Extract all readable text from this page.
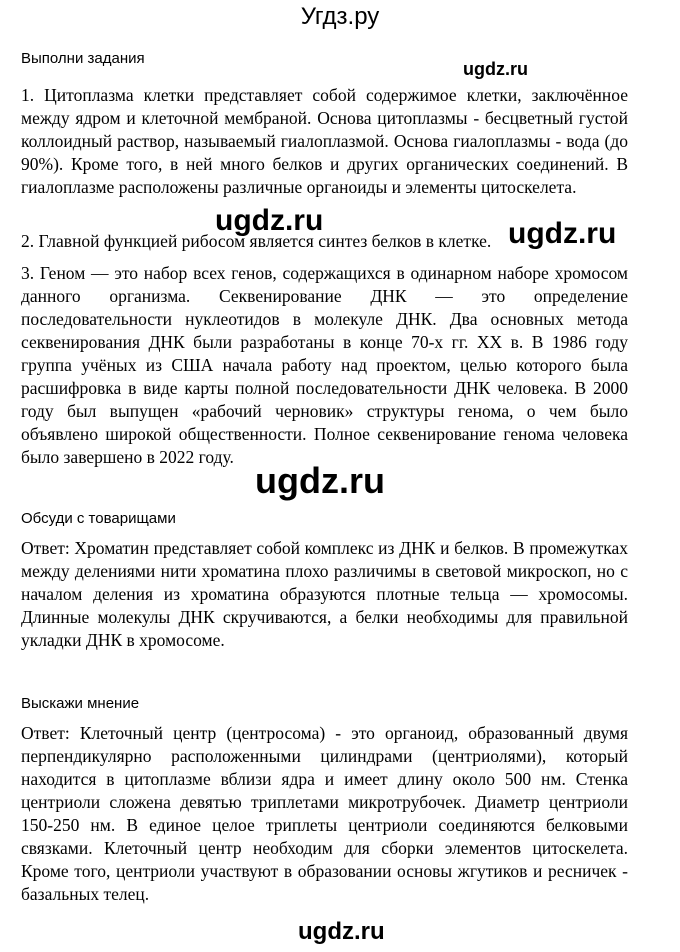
Угдз.ру
Выполни задания
ugdz.ru

1. Цитоплазма клетки представляет собой содержимое клетки, заключённое между ядром и клеточной мембраной. Основа цитоплазмы - бесцветный густой коллоидный раствор, называемый гиалоплазмой. Основа гиалоплазмы - вода (до 90%). Кроме того, в ней много белков и других органических соединений. В гиалоплазме расположены различные органоиды и элементы цитоскелета.

ugdz.ru

2. Главной функцией рибосом является синтез белков в клетке. ugdz.ru

3. Геном — это набор всех генов, содержащихся в одинарном наборе хромосом данного организма. Секвенирование ДНК — это определение последовательности нуклеотидов в молекуле ДНК. Два основных метода секвенирования ДНК были разработаны в конце 70-х гг. XX в. В 1986 году группа учёных из США начала работу над проектом, целью которого была расшифровка в виде карты полной последовательности ДНК человека. В 2000 году был выпущен «рабочий черновик» структуры генома, о чем было объявлено широкой общественности. Полное секвенирование генома человека было завершено в 2022 году.

ugdz.ru
Обсуди с товарищами

Ответ: Хроматин представляет собой комплекс из ДНК и белков. В промежутках между делениями нити хроматина плохо различимы в световой микроскоп, но с началом деления из хроматина образуются плотные тельца — хромосомы. Длинные молекулы ДНК скручиваются, а белки необходимы для правильной укладки ДНК в хромосоме.

Выскажи мнение

Ответ: Клеточный центр (центросома) - это органоид, образованный двумя перпендикулярно расположенными цилиндрами (центриолями), который находится в цитоплазме вблизи ядра и имеет длину около 500 нм. Стенка центриоли сложена девятью триплетами микротрубочек. Диаметр центриоли 150-250 нм. В единое целое триплеты центриоли соединяются белковыми связками. Клеточный центр необходим для сборки элементов цитоскелета. Кроме того, центриоли участвуют в образовании основы жгутиков и ресничек - базальных телец.

ugdz.ru
